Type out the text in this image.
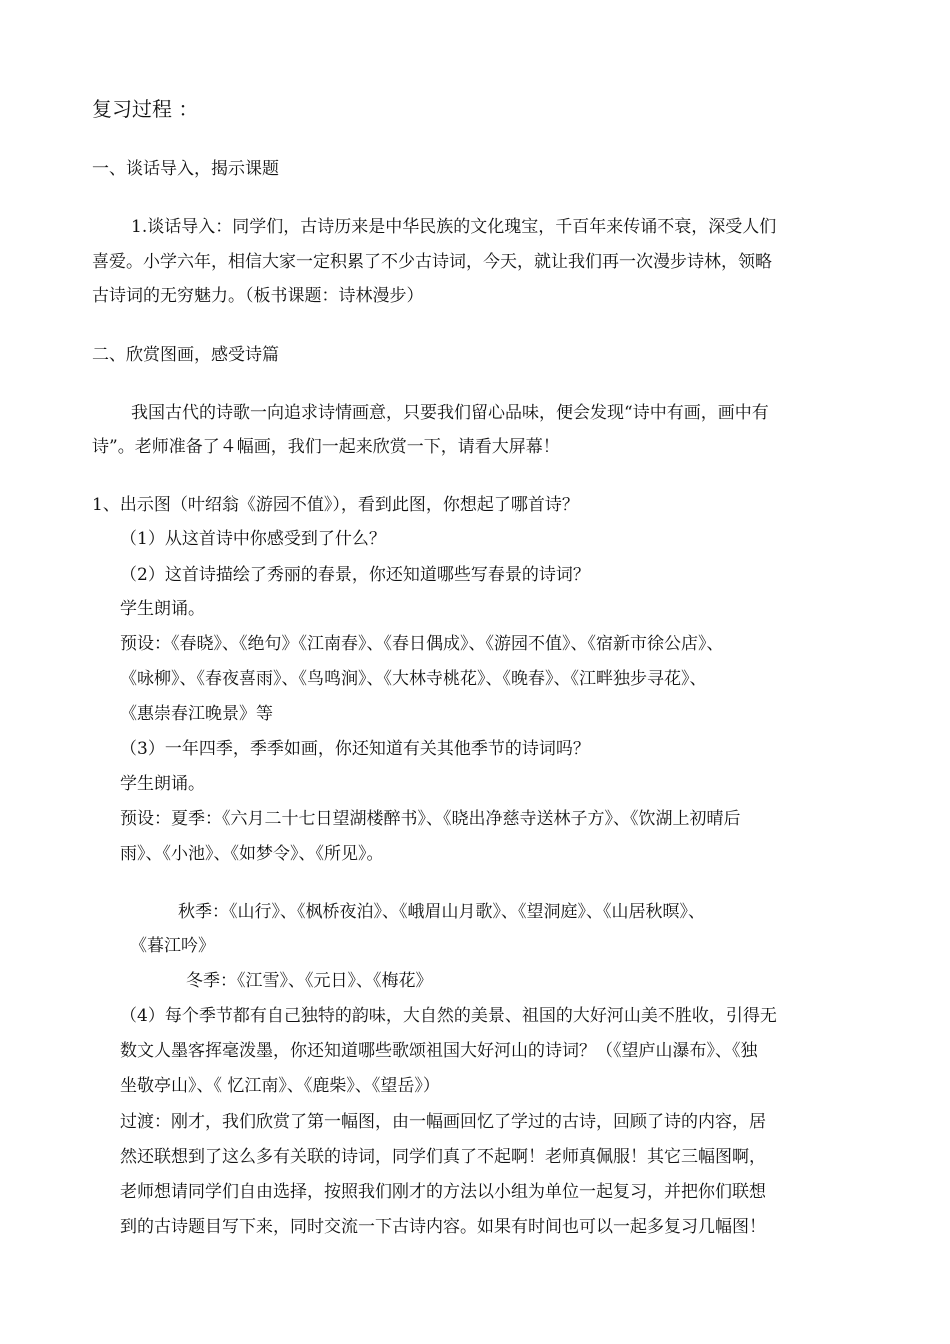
复习过程 ：

一、谈话导入，揭示课题

1.谈话导入：同学们，古诗历来是中华民族的文化瑰宝，千百年来传诵不衰，深受人们

喜爱。小学六年，相信大家一定积累了不少古诗词，今天，就让我们再一次漫步诗林，领略

古诗词的无穷魅力。（板书课题：诗林漫步）

二、欣赏图画，感受诗篇

我国古代的诗歌一向追求诗情画意，只要我们留心品味，便会发现“诗中有画，画中有

诗”。老师准备了４幅画，我们一起来欣赏一下，请看大屏幕！

1、出示图（叶绍翁《游园不值》），看到此图，你想起了哪首诗？

（1）从这首诗中你感受到了什么？

（2）这首诗描绘了秀丽的春景，你还知道哪些写春景的诗词？

学生朗诵。

预设：《春晓》、《绝句》《江南春》、《春日偶成》、《游园不值》、《宿新市徐公店》、

《咏柳》、《春夜喜雨》、《鸟鸣涧》、《大林寺桃花》、《晚春》、《江畔独步寻花》、

《惠崇春江晚景》等

（3）一年四季，季季如画，你还知道有关其他季节的诗词吗？

学生朗诵。

预设：夏季：《六月二十七日望湖楼醉书》、《晓出净慈寺送林子方》、《饮湖上初晴后

雨》、《小池》、《如梦令》、《所见》。

秋季：《山行》、《枫桥夜泊》、《峨眉山月歌》、《望洞庭》、《山居秋暝》、

《暮江吟》

冬季：《江雪》、《元日》、《梅花》

（4）每个季节都有自己独特的韵味，大自然的美景、祖国的大好河山美不胜收，引得无

数文人墨客挥毫泼墨，你还知道哪些歌颂祖国大好河山的诗词？（《望庐山瀑布》、《独

坐敬亭山》、《 忆江南》、《鹿柴》、《望岳》）

过渡：刚才，我们欣赏了第一幅图，由一幅画回忆了学过的古诗，回顾了诗的内容，居

然还联想到了这么多有关联的诗词，同学们真了不起啊！老师真佩服！其它三幅图啊，

老师想请同学们自由选择，按照我们刚才的方法以小组为单位一起复习，并把你们联想

到的古诗题目写下来，同时交流一下古诗内容。如果有时间也可以一起多复习几幅图！
